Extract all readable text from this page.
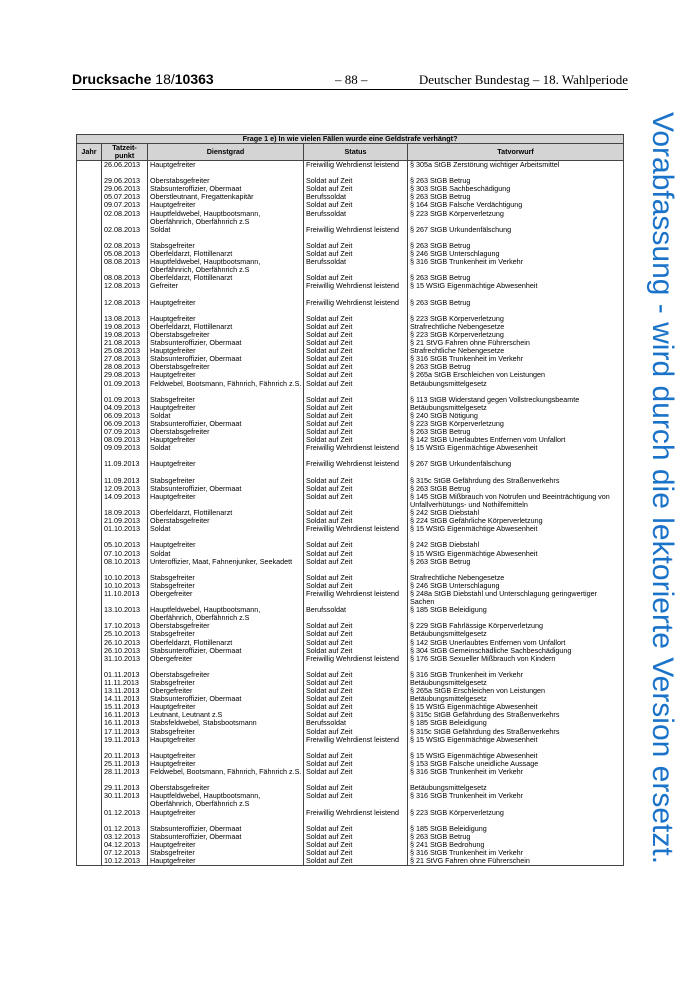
Drucksache 18/10363	– 88 –	Deutscher Bundestag – 18. Wahlperiode
Vorabfassung - wird durch die lektorierte Version ersetzt.
Frage 1 e) In wie vielen Fällen wurde eine Geldstrafe verhängt?				
Jahr	Tatzeit-punkt	Dienstgrad	Status	Tatvorwurf
	26.06.2013	Hauptgefreiter	Freiwillig Wehrdienst leistend	§ 305a StGB Zerstörung wichtiger Arbeitsmittel
	29.06.2013	Oberstabsgefreiter	Soldat auf Zeit	§ 263 StGB Betrug
	29.06.2013	Stabsunteroffizier, Obermaat	Soldat auf Zeit	§ 303 StGB Sachbeschädigung
	05.07.2013	Oberstleutnant, Fregattenkapitär	Berufssoldat	§ 263 StGB Betrug
	09.07.2013	Hauptgefreiter	Soldat auf Zeit	§ 164 StGB Falsche Verdächtigung
	02.08.2013	Hauptfeldwebel, Hauptbootsmann, Oberfähnrich, Oberfähnrich z.S	Berufssoldat	§ 223 StGB Körperverletzung
	02.08.2013	Soldat	Freiwillig Wehrdienst leistend	§ 267 StGB Urkundenfälschung
	02.08.2013	Stabsgefreiter	Soldat auf Zeit	§ 263 StGB Betrug
	05.08.2013	Oberfeldarzt, Flottillenarzt	Soldat auf Zeit	§ 246 StGB Unterschlagung
	08.08.2013	Hauptfeldwebel, Hauptbootsmann, Oberfähnrich, Oberfähnrich z.S	Berufssoldat	§ 316 StGB Trunkenheit im Verkehr
	08.08.2013	Oberfeldarzt, Flottillenarzt	Soldat auf Zeit	§ 263 StGB Betrug
	12.08.2013	Gefreiter	Freiwillig Wehrdienst leistend	§ 15 WStG Eigenmächtige Abwesenheit
	12.08.2013	Hauptgefreiter	Freiwillig Wehrdienst leistend	§ 263 StGB Betrug
	13.08.2013	Hauptgefreiter	Soldat auf Zeit	§ 223 StGB Körperverletzung
	19.08.2013	Oberfeldarzt, Flottillenarzt	Soldat auf Zeit	Strafrechtliche Nebengesetze
	19.08.2013	Oberstabsgefreiter	Soldat auf Zeit	§ 223 StGB Körperverletzung
	21.08.2013	Stabsunteroffizier, Obermaat	Soldat auf Zeit	§ 21 StVG Fahren ohne Führerschein
	25.08.2013	Hauptgefreiter	Soldat auf Zeit	Strafrechtliche Nebengesetze
	27.08.2013	Stabsunteroffizier, Obermaat	Soldat auf Zeit	§ 316 StGB Trunkenheit im Verkehr
	28.08.2013	Oberstabsgefreiter	Soldat auf Zeit	§ 263 StGB Betrug
	29.08.2013	Hauptgefreiter	Soldat auf Zeit	§ 265a StGB Erschleichen von Leistungen
	01.09.2013	Feldwebel, Bootsmann, Fähnrich, Fähnrich z.S.	Soldat auf Zeit	Betäubungsmittelgesetz
	01.09.2013	Stabsgefreiter	Soldat auf Zeit	§ 113 StGB Widerstand gegen Vollstreckungsbeamte
	04.09.2013	Hauptgefreiter	Soldat auf Zeit	Betäubungsmittelgesetz
	06.09.2013	Soldat	Soldat auf Zeit	§ 240 StGB Nötigung
	06.09.2013	Stabsunteroffizier, Obermaat	Soldat auf Zeit	§ 223 StGB Körperverletzung
	07.09.2013	Oberstabsgefreiter	Soldat auf Zeit	§ 263 StGB Betrug
	08.09.2013	Hauptgefreiter	Soldat auf Zeit	§ 142 StGB Unerlaubtes Entfernen vom Unfallort
	09.09.2013	Soldat	Freiwillig Wehrdienst leistend	§ 15 WStG Eigenmächtige Abwesenheit
	11.09.2013	Hauptgefreiter	Freiwillig Wehrdienst leistend	§ 267 StGB Urkundenfälschung
	11.09.2013	Stabsgefreiter	Soldat auf Zeit	§ 315c StGB Gefährdung des Straßenverkehrs
	12.09.2013	Stabsunteroffizier, Obermaat	Soldat auf Zeit	§ 263 StGB Betrug
	14.09.2013	Hauptgefreiter	Soldat auf Zeit	§ 145 StGB Mißbrauch von Notrufen und Beeinträchtigung von Unfallverhütungs- und Nothilfemitteln
	18.09.2013	Oberfeldarzt, Flottillenarzt	Soldat auf Zeit	§ 242 StGB Diebstahl
	21.09.2013	Oberstabsgefreiter	Soldat auf Zeit	§ 224 StGB Gefährliche Körperverletzung
	01.10.2013	Soldat	Freiwillig Wehrdienst leistend	§ 15 WStG Eigenmächtige Abwesenheit
	05.10.2013	Hauptgefreiter	Soldat auf Zeit	§ 242 StGB Diebstahl
	07.10.2013	Soldat	Soldat auf Zeit	§ 15 WStG Eigenmächtige Abwesenheit
	08.10.2013	Unteroffizier, Maat, Fahnenjunker, Seekadett	Soldat auf Zeit	§ 263 StGB Betrug
	10.10.2013	Stabsgefreiter	Soldat auf Zeit	Strafrechtliche Nebengesetze
	10.10.2013	Stabsgefreiter	Soldat auf Zeit	§ 246 StGB Unterschlagung
	11.10.2013	Obergefreiter	Freiwillig Wehrdienst leistend	§ 248a StGB Diebstahl und Unterschlagung geringwertiger Sachen
	13.10.2013	Hauptfeldwebel, Hauptbootsmann, Oberfähnrich, Oberfähnrich z.S	Berufssoldat	§ 185 StGB Beleidigung
	17.10.2013	Oberstabsgefreiter	Soldat auf Zeit	§ 229 StGB Fahrlässige Körperverletzung
	25.10.2013	Stabsgefreiter	Soldat auf Zeit	Betäubungsmittelgesetz
	26.10.2013	Oberfeldarzt, Flottillenarzt	Soldat auf Zeit	§ 142 StGB Unerlaubtes Entfernen vom Unfallort
	26.10.2013	Stabsunteroffizier, Obermaat	Soldat auf Zeit	§ 304 StGB Gemeinschädliche Sachbeschädigung
	31.10.2013	Obergefreiter	Freiwillig Wehrdienst leistend	§ 176 StGB Sexueller Mißbrauch von Kindern
	01.11.2013	Oberstabsgefreiter	Soldat auf Zeit	§ 316 StGB Trunkenheit im Verkehr
	11.11.2013	Stabsgefreiter	Soldat auf Zeit	Betäubungsmittelgesetz
	13.11.2013	Obergefreiter	Soldat auf Zeit	§ 265a StGB Erschleichen von Leistungen
	14.11.2013	Stabsunteroffizier, Obermaat	Soldat auf Zeit	Betäubungsmittelgesetz
	15.11.2013	Hauptgefreiter	Soldat auf Zeit	§ 15 WStG Eigenmächtige Abwesenheit
	16.11.2013	Leutnant, Leutnant z.S	Soldat auf Zeit	§ 315c StGB Gefährdung des Straßenverkehrs
	16.11.2013	Stabsfeldwebel, Stabsbootsmann	Berufssoldat	§ 185 StGB Beleidigung
	17.11.2013	Stabsgefreiter	Soldat auf Zeit	§ 315c StGB Gefährdung des Straßenverkehrs
	19.11.2013	Hauptgefreiter	Freiwillig Wehrdienst leistend	§ 15 WStG Eigenmächtige Abwesenheit
	20.11.2013	Hauptgefreiter	Soldat auf Zeit	§ 15 WStG Eigenmächtige Abwesenheit
	25.11.2013	Hauptgefreiter	Soldat auf Zeit	§ 153 StGB Falsche uneidliche Aussage
	28.11.2013	Feldwebel, Bootsmann, Fähnrich, Fähnrich z.S.	Soldat auf Zeit	§ 316 StGB Trunkenheit im Verkehr
	29.11.2013	Oberstabsgefreiter	Soldat auf Zeit	Betäubungsmittelgesetz
	30.11.2013	Hauptfeldwebel, Hauptbootsmann, Oberfähnrich, Oberfähnrich z.S	Soldat auf Zeit	§ 316 StGB Trunkenheit im Verkehr
	01.12.2013	Hauptgefreiter	Freiwillig Wehrdienst leistend	§ 223 StGB Körperverletzung
	01.12.2013	Stabsunteroffizier, Obermaat	Soldat auf Zeit	§ 185 StGB Beleidigung
	03.12.2013	Stabsunteroffizier, Obermaat	Soldat auf Zeit	§ 263 StGB Betrug
	04.12.2013	Hauptgefreiter	Soldat auf Zeit	§ 241 StGB Bedrohung
	07.12.2013	Stabsgefreiter	Soldat auf Zeit	§ 316 StGB Trunkenheit im Verkehr
	10.12.2013	Hauptgefreiter	Soldat auf Zeit	§ 21 StVG Fahren ohne Führerschein
